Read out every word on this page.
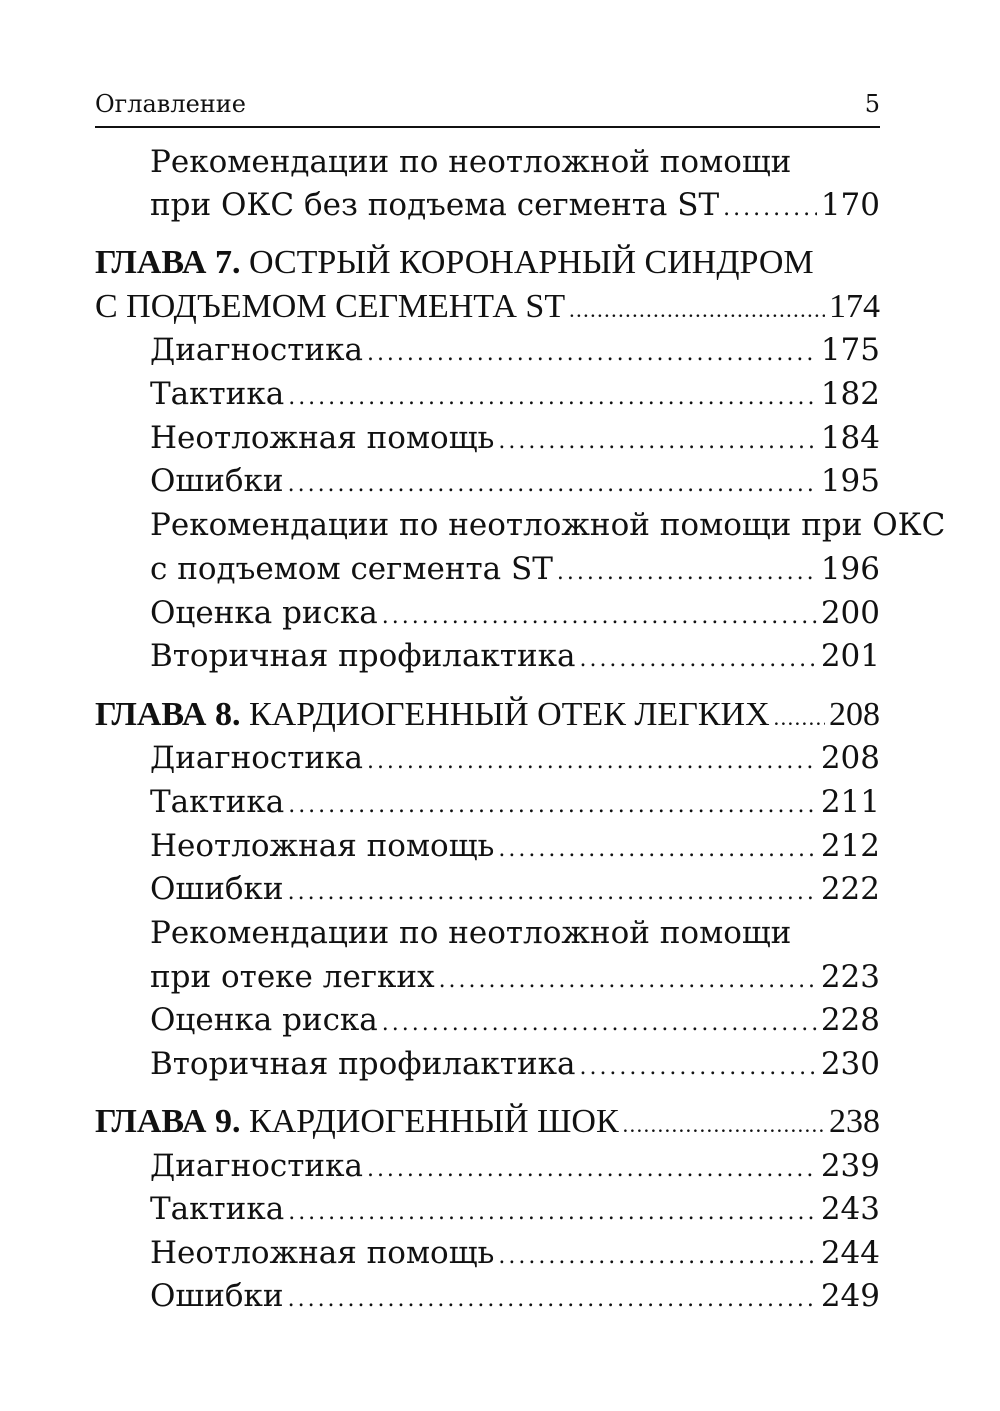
Оглавление	5
Рекомендации по неотложной помощи
при ОКС без подъема сегмента ST . . .	170
ГЛАВА 7. ОСТРЫЙ КОРОНАРНЫЙ СИНДРОМ
С ПОДЪЕМОМ СЕГМЕНТА ST . . .	174
Диагностика . . .	175
Тактика . . .	182
Неотложная помощь . . .	184
Ошибки . . .	195
Рекомендации по неотложной помощи при ОКС
с подъемом сегмента ST . . .	196
Оценка риска . . .	200
Вторичная профилактика . . .	201
ГЛАВА 8. КАРДИОГЕННЫЙ ОТЕК ЛЕГКИХ . . . 208
Диагностика . . .	208
Тактика . . .	211
Неотложная помощь . . .	212
Ошибки . . .	222
Рекомендации по неотложной помощи
при отеке легких . . .	223
Оценка риска . . .	228
Вторичная профилактика . . .	230
ГЛАВА 9. КАРДИОГЕННЫЙ ШОК . . .	238
Диагностика . . .	239
Тактика . . .	243
Неотложная помощь . . .	244
Ошибки . . .	249
